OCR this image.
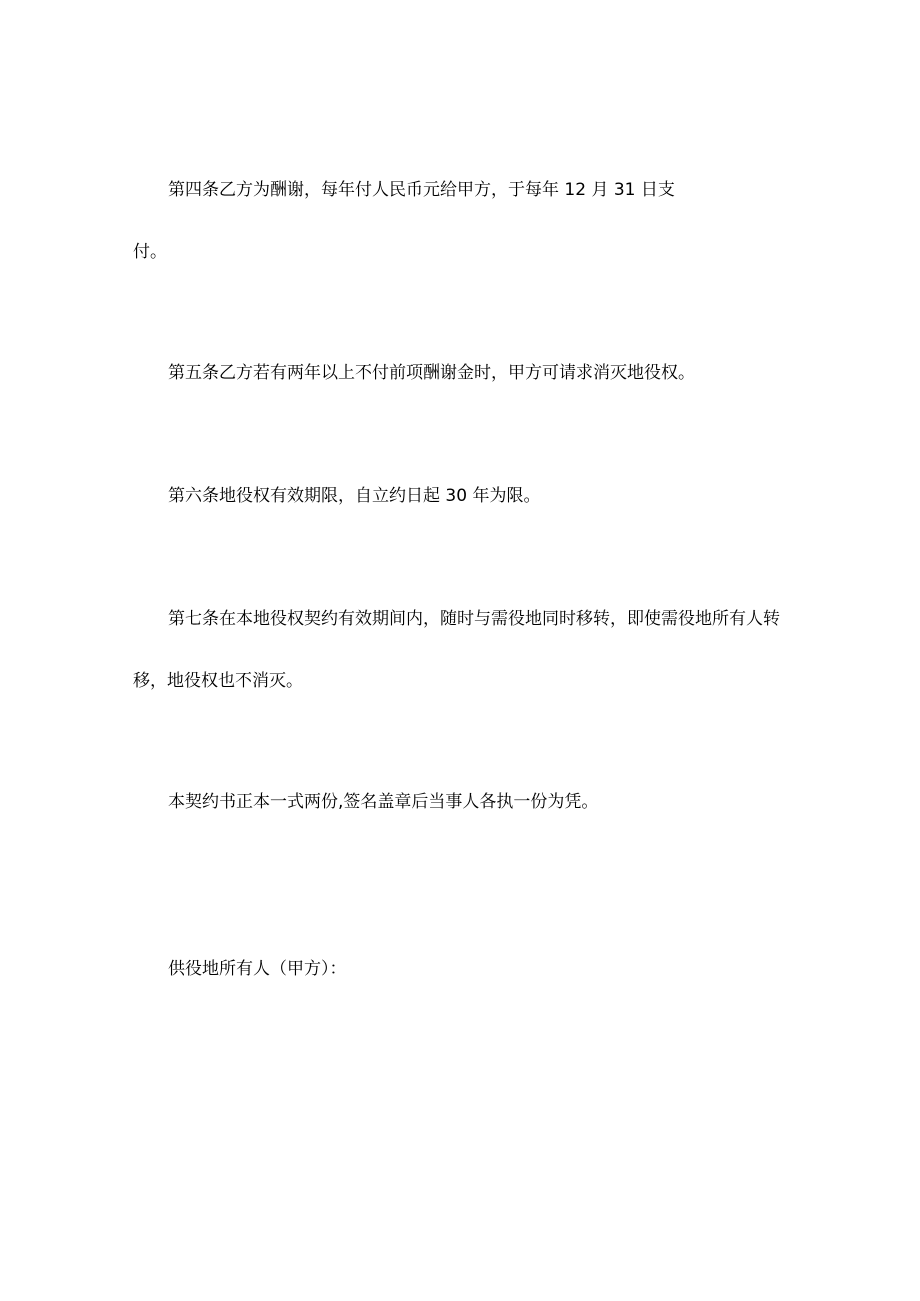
第四条乙方为酬谢，每年付人民币元给甲方，于每年 12 月 31 日支
付。
第五条乙方若有两年以上不付前项酬谢金时，甲方可请求消灭地役权。
第六条地役权有效期限，自立约日起 30 年为限。
第七条在本地役权契约有效期间内，随时与需役地同时移转，即使需役地所有人转
移，地役权也不消灭。
本契约书正本一式两份,签名盖章后当事人各执一份为凭。
供役地所有人（甲方）：
